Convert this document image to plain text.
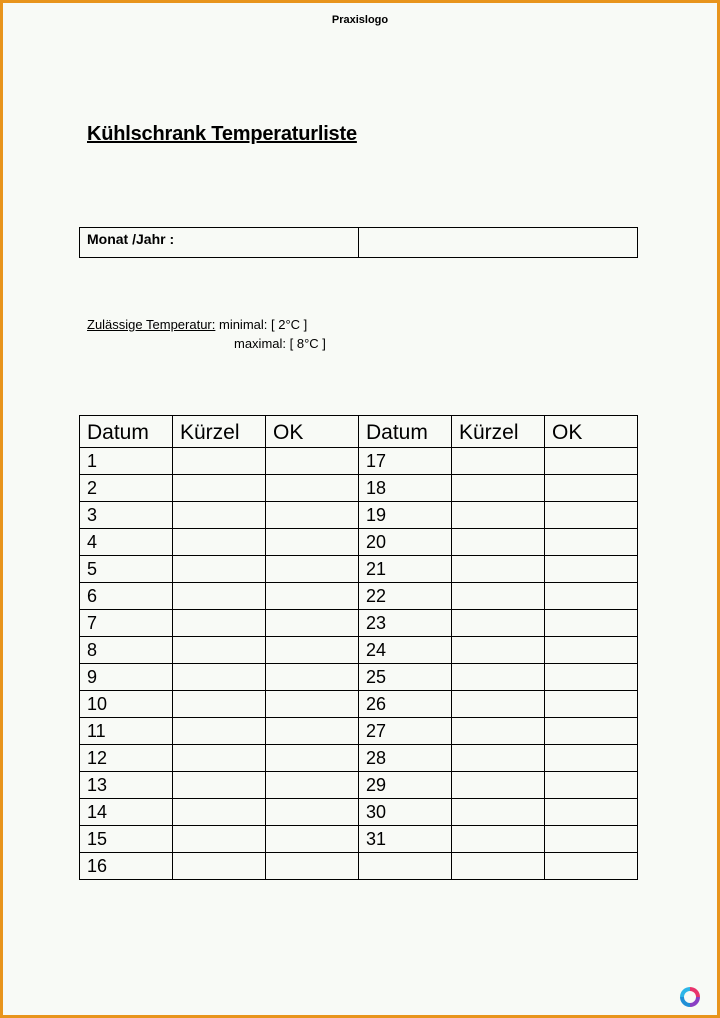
Praxislogo
Kühlschrank Temperaturliste
Monat /Jahr :	
Zulässige Temperatur: minimal: [ 2°C ]
maximal: [ 8°C ]
Datum	Kürzel	OK	Datum	Kürzel	OK
1			17		
2			18		
3			19		
4			20		
5			21		
6			22		
7			23		
8			24		
9			25		
10			26		
11			27		
12			28		
13			29		
14			30		
15			31		
16					
